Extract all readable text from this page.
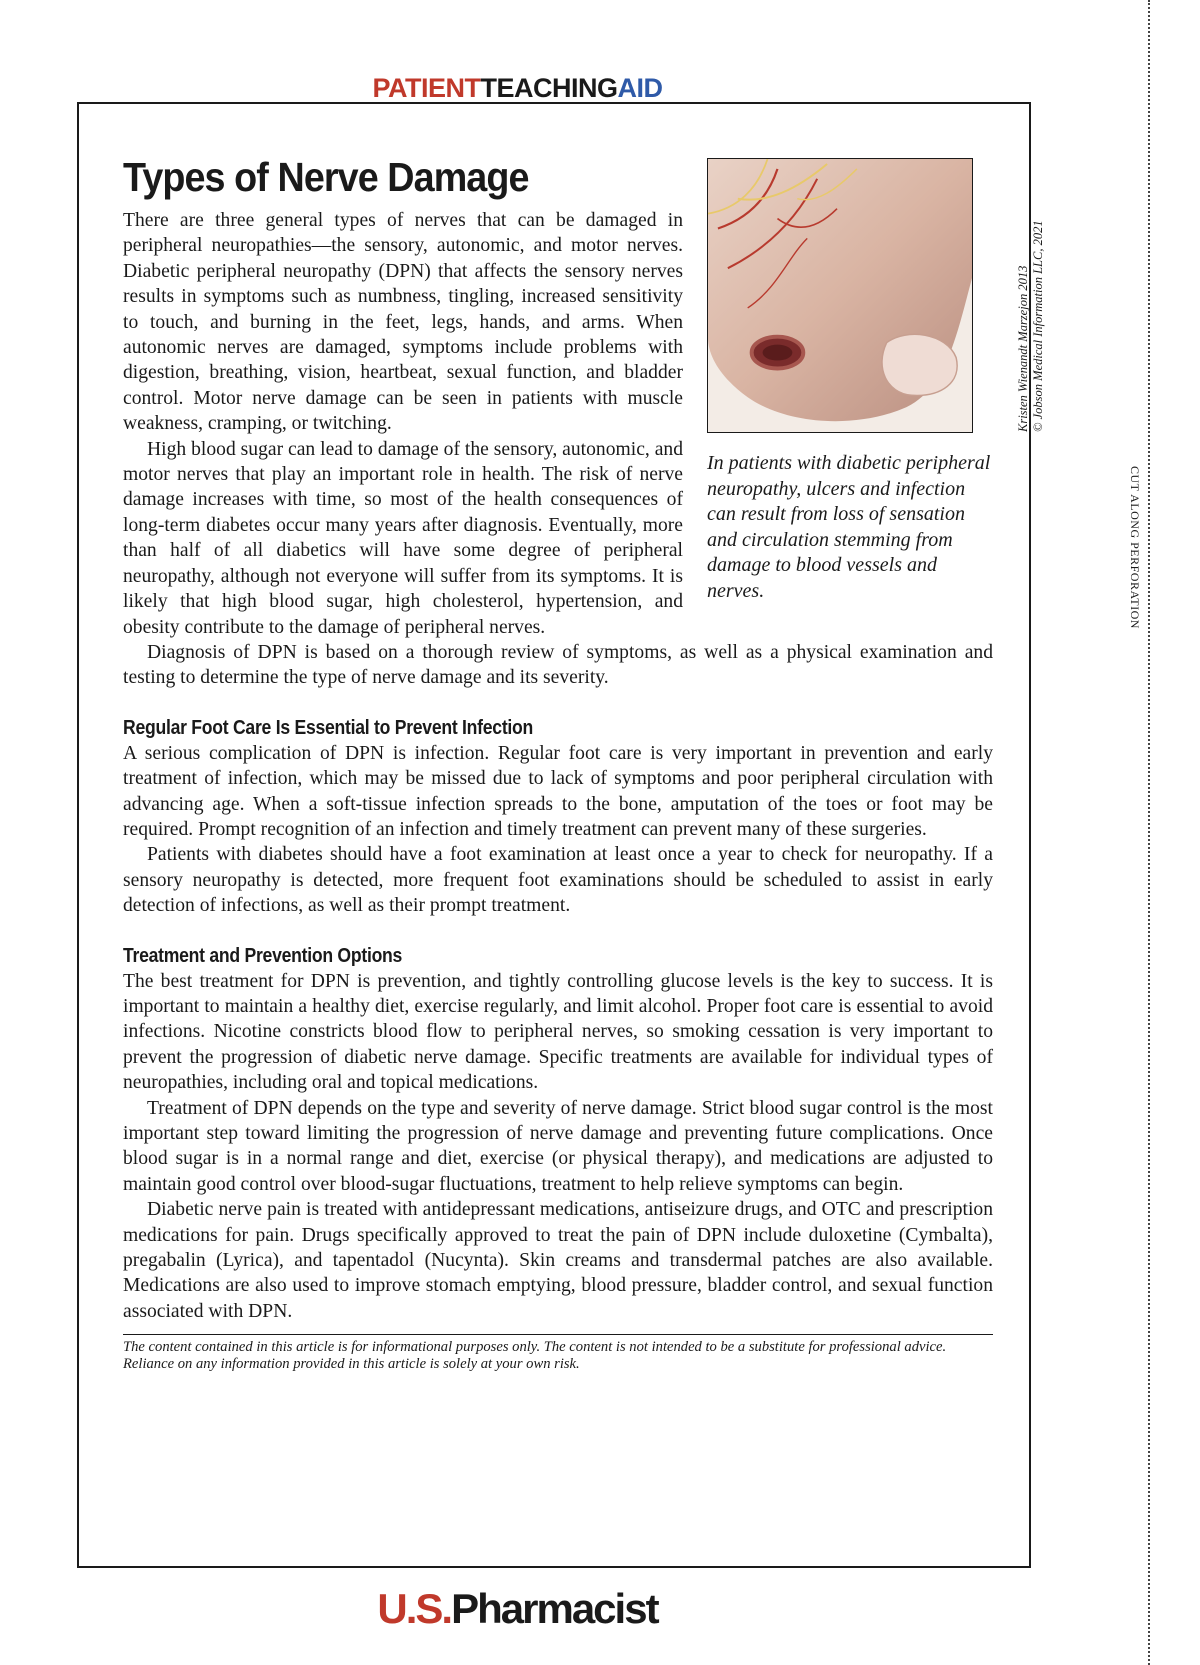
PATIENTTEACHINGAID
In patients with diabetic peripheral neuropathy, ulcers and infection can result from loss of sensation and circulation stemming from damage to blood vessels and nerves.
Types of Nerve Damage

There are three general types of nerves that can be damaged in peripheral neuropathies—the sensory, autonomic, and motor nerves. Diabetic peripheral neuropathy (DPN) that affects the sensory nerves results in symptoms such as numbness, tingling, increased sensitivity to touch, and burning in the feet, legs, hands, and arms. When autonomic nerves are damaged, symptoms include problems with digestion, breathing, vision, heartbeat, sexual function, and bladder control. Motor nerve damage can be seen in patients with muscle weakness, cramping, or twitching.

High blood sugar can lead to damage of the sensory, autonomic, and motor nerves that play an important role in health. The risk of nerve damage increases with time, so most of the health consequences of long-term diabetes occur many years after diagnosis. Eventually, more than half of all diabetics will have some degree of peripheral neuropathy, although not everyone will suffer from its symptoms. It is likely that high blood sugar, high cholesterol, hypertension, and obesity contribute to the damage of peripheral nerves.

Diagnosis of DPN is based on a thorough review of symptoms, as well as a physical examination and testing to determine the type of nerve damage and its severity.

Regular Foot Care Is Essential to Prevent Infection

A serious complication of DPN is infection. Regular foot care is very important in prevention and early treatment of infection, which may be missed due to lack of symptoms and poor peripheral circulation with advancing age. When a soft-tissue infection spreads to the bone, amputation of the toes or foot may be required. Prompt recognition of an infection and timely treatment can prevent many of these surgeries.

Patients with diabetes should have a foot examination at least once a year to check for neuropathy. If a sensory neuropathy is detected, more frequent foot examinations should be scheduled to assist in early detection of infections, as well as their prompt treatment.

Treatment and Prevention Options

The best treatment for DPN is prevention, and tightly controlling glucose levels is the key to success. It is important to maintain a healthy diet, exercise regularly, and limit alcohol. Proper foot care is essential to avoid infections. Nicotine constricts blood flow to peripheral nerves, so smoking cessation is very important to prevent the progression of diabetic nerve damage. Specific treatments are available for individual types of neuropathies, including oral and topical medications.

Treatment of DPN depends on the type and severity of nerve damage. Strict blood sugar control is the most important step toward limiting the progression of nerve damage and preventing future complications. Once blood sugar is in a normal range and diet, exercise (or physical therapy), and medications are adjusted to maintain good control over blood-sugar fluctuations, treatment to help relieve symptoms can begin.

Diabetic nerve pain is treated with antidepressant medications, antiseizure drugs, and OTC and prescription medications for pain. Drugs specifically approved to treat the pain of DPN include duloxetine (Cymbalta), pregabalin (Lyrica), and tapentadol (Nucynta). Skin creams and transdermal patches are also available. Medications are also used to improve stomach emptying, blood pressure, bladder control, and sexual function associated with DPN.

The content contained in this article is for informational purposes only. The content is not intended to be a substitute for professional advice. Reliance on any information provided in this article is solely at your own risk.
Kristen Wienandt Marzejon 2013 © Jobson Medical Information LLC, 2021
CUT ALONG PERFORATION
U.S.Pharmacist
